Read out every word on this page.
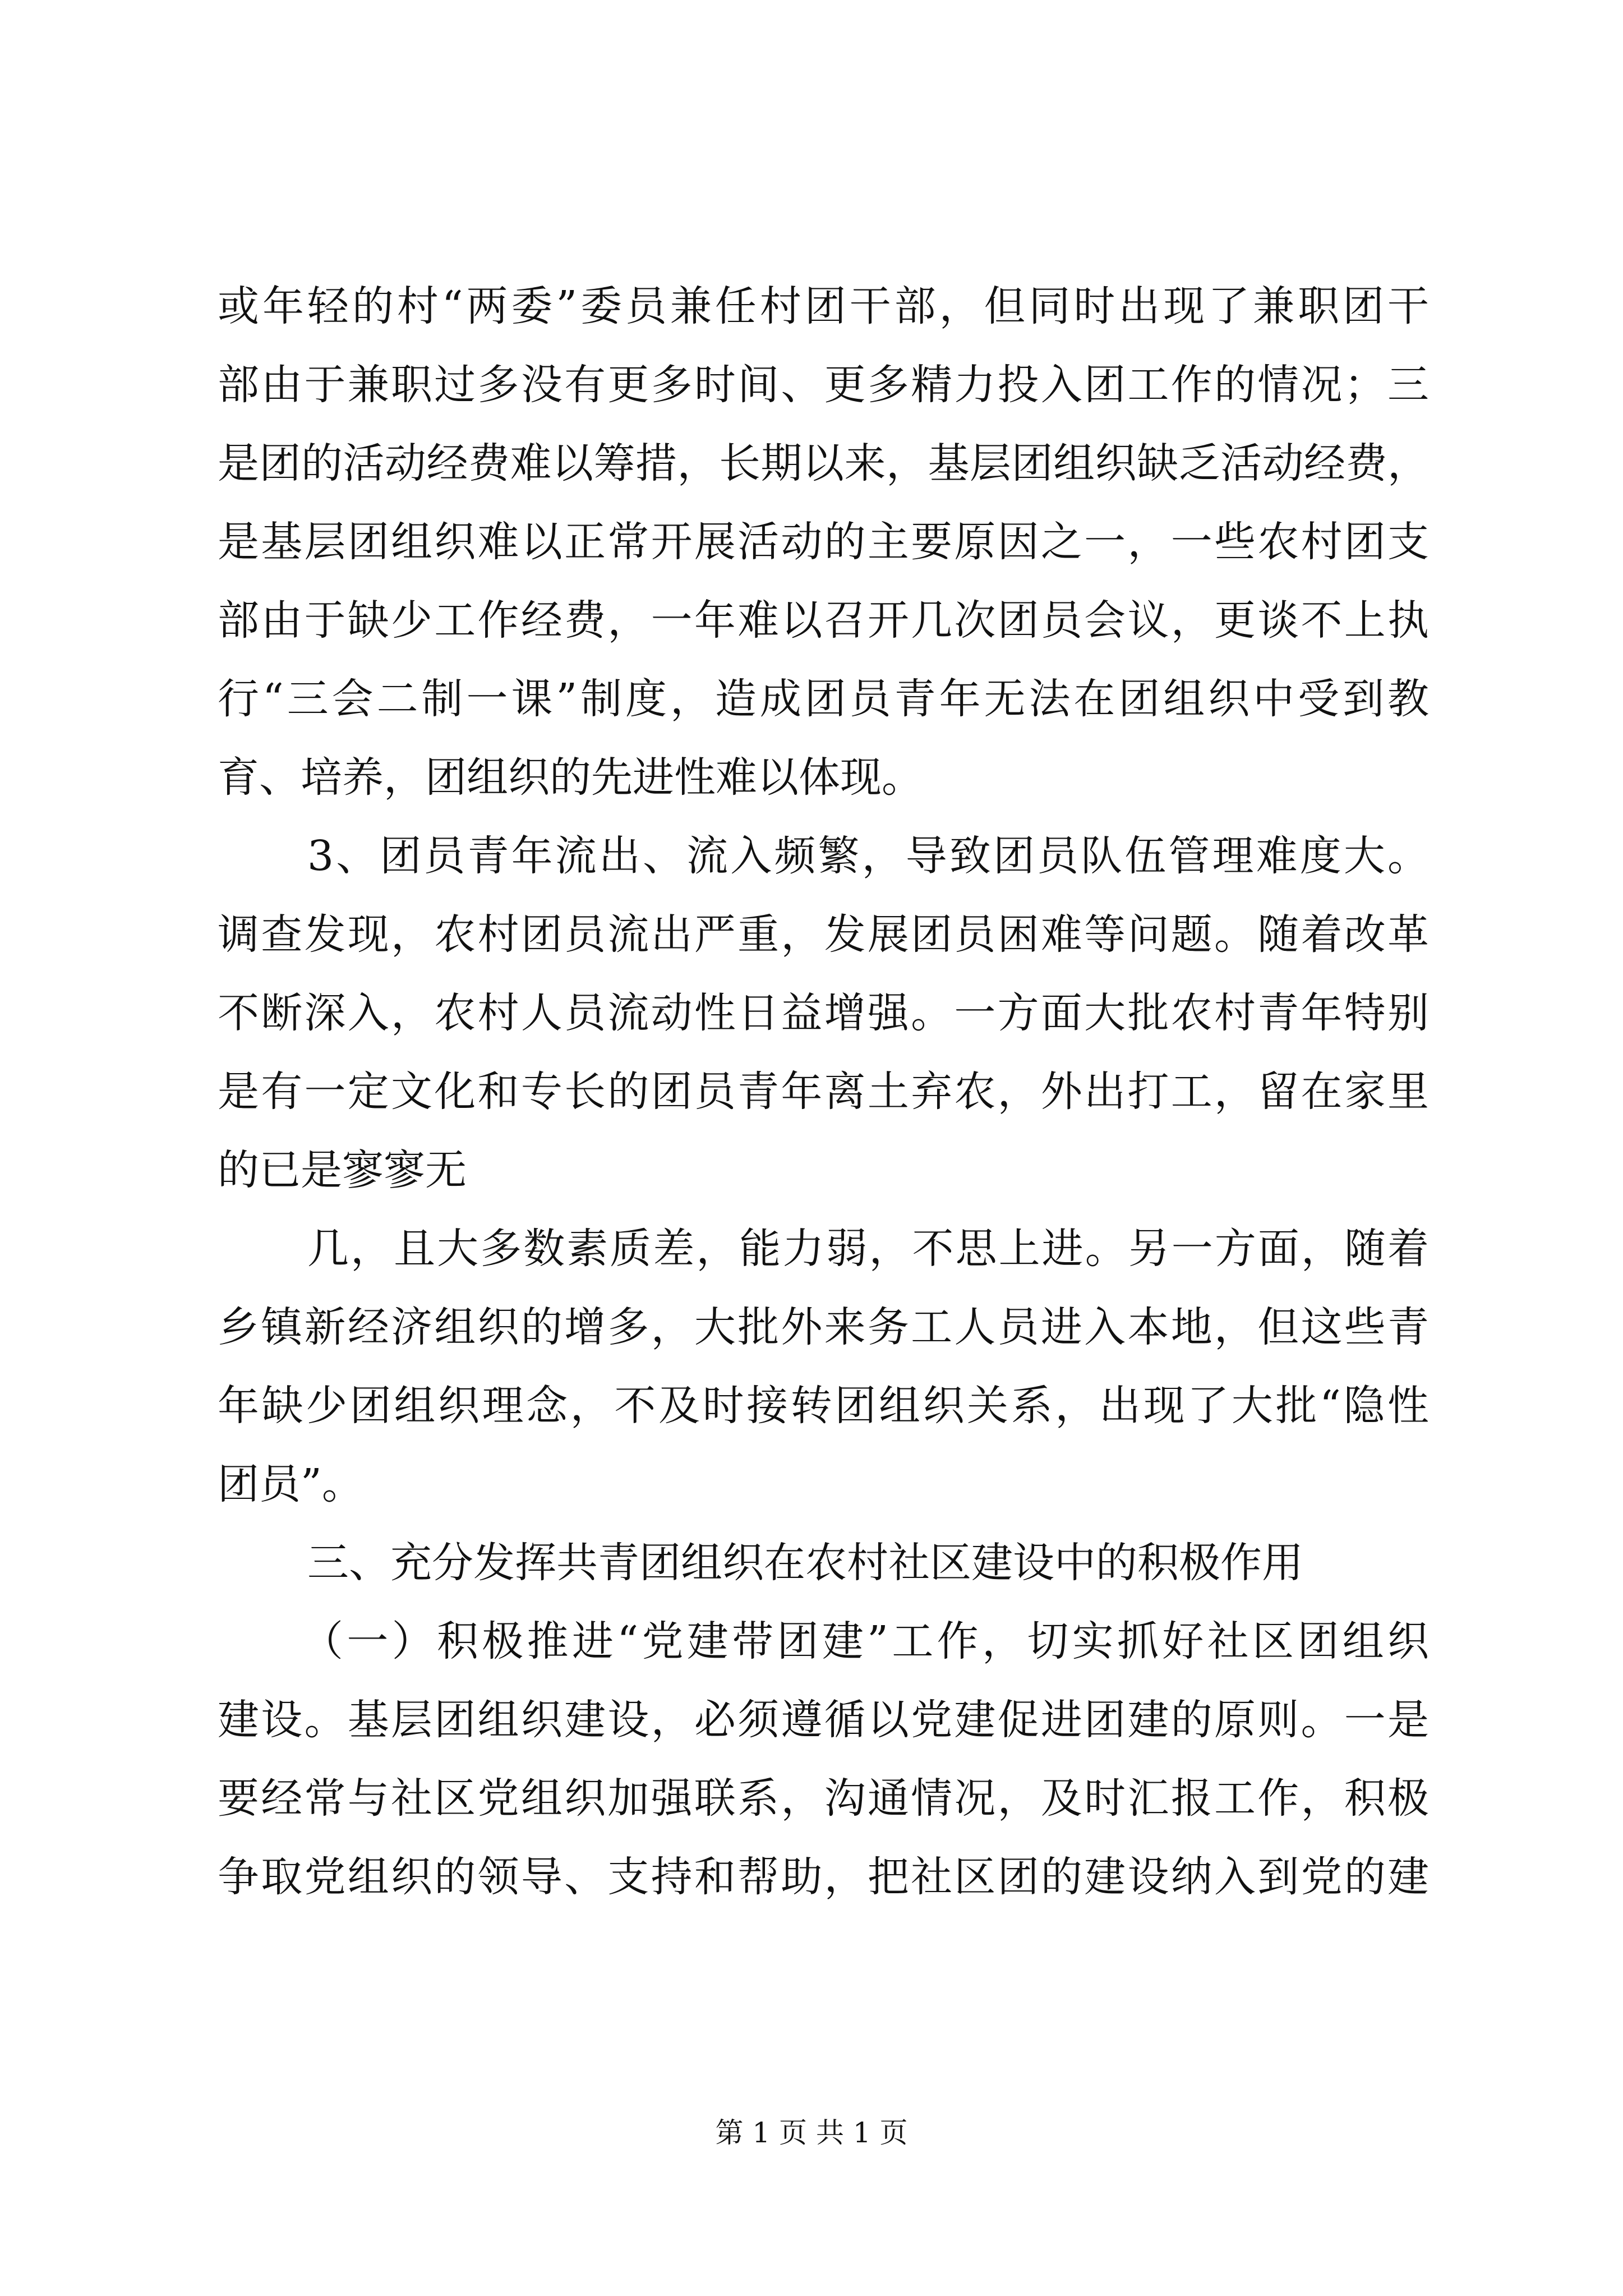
或年轻的村“两委”委员兼任村团干部，但同时出现了兼职团干
部由于兼职过多没有更多时间、更多精力投入团工作的情况；三
是团的活动经费难以筹措，长期以来，基层团组织缺乏活动经费，
是基层团组织难以正常开展活动的主要原因之一，一些农村团支
部由于缺少工作经费，一年难以召开几次团员会议，更谈不上执
行“三会二制一课”制度，造成团员青年无法在团组织中受到教
育、培养，团组织的先进性难以体现。
3、团员青年流出、流入频繁，导致团员队伍管理难度大。
调查发现，农村团员流出严重，发展团员困难等问题。随着改革
不断深入，农村人员流动性日益增强。一方面大批农村青年特别
是有一定文化和专长的团员青年离土弃农，外出打工，留在家里
的已是寥寥无
几，且大多数素质差，能力弱，不思上进。另一方面，随着
乡镇新经济组织的增多，大批外来务工人员进入本地，但这些青
年缺少团组织理念，不及时接转团组织关系，出现了大批“隐性
团员”。
三、充分发挥共青团组织在农村社区建设中的积极作用
（一）积极推进“党建带团建”工作，切实抓好社区团组织
建设。基层团组织建设，必须遵循以党建促进团建的原则。一是
要经常与社区党组织加强联系，沟通情况，及时汇报工作，积极
争取党组织的领导、支持和帮助，把社区团的建设纳入到党的建
第 1 页 共 1 页
